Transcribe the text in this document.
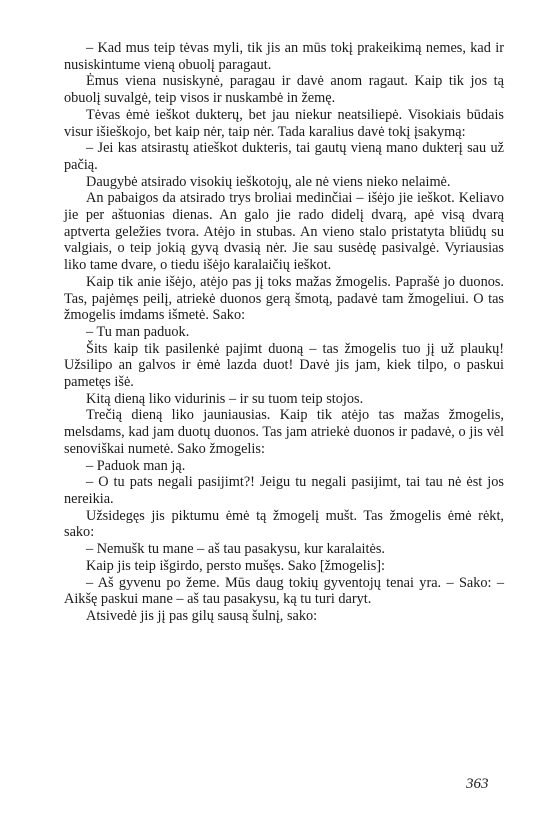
– Kad mus teip tėvas myli, tik jis an mūs tokį prakeikimą nemes, kad ir nusiskintume vieną obuolį paragaut.

Ėmus viena nusiskynė, paragau ir davė anom ragaut. Kaip tik jos tą obuolį suvalgė, teip visos ir nuskambė in žemę.

Tėvas ėmė ieškot dukterų, bet jau niekur neatsiliepė. Visokiais būdais visur išieškojo, bet kaip nėr, taip nėr. Tada karalius davė tokį įsakymą:

– Jei kas atsirastų atieškot dukteris, tai gautų vieną mano dukterį sau už pačią.

Daugybė atsirado visokių ieškotojų, ale nė viens nieko nelaimė.

An pabaigos da atsirado trys broliai medinčiai – išėjo jie ieškot. Keliavo jie per aštuonias dienas. An galo jie rado didelį dvarą, apė visą dvarą aptverta geležies tvora. Atėjo in stubas. An vieno stalo pristatyta bliūdų su valgiais, o teip jokią gyvą dvasią nėr. Jie sau susėdę pasivalgė. Vyriausias liko tame dvare, o tiedu išėjo karalaičių ieškot.

Kaip tik anie išėjo, atėjo pas jį toks mažas žmogelis. Paprašė jo duonos. Tas, pajėmęs peilį, atriekė duonos gerą šmotą, padavė tam žmogeliui. O tas žmogelis imdams išmetė. Sako:

– Tu man paduok.

Šits kaip tik pasilenkė pajimt duoną – tas žmogelis tuo jį už plaukų! Užsilipo an galvos ir ėmė lazda duot! Davė jis jam, kiek tilpo, o paskui pametęs išė.

Kitą dieną liko vidurinis – ir su tuom teip stojos.

Trečią dieną liko jauniausias. Kaip tik atėjo tas mažas žmogelis, melsdams, kad jam duotų duonos. Tas jam atriekė duonos ir padavė, o jis vėl senoviškai numetė. Sako žmogelis:

– Paduok man ją.

– O tu pats negali pasijimt?! Jeigu tu negali pasijimt, tai tau nė ėst jos nereikia.

Užsidegęs jis piktumu ėmė tą žmogelį mušt. Tas žmogelis ėmė rėkt, sako:

– Nemušk tu mane – aš tau pasakysu, kur karalaitės.

Kaip jis teip išgirdo, persto mušęs. Sako [žmogelis]:

– Aš gyvenu po žeme. Mūs daug tokių gyventojų tenai yra. – Sako: – Aikšę paskui mane – aš tau pasakysu, ką tu turi daryt.

Atsivedė jis jį pas gilų sausą šulnį, sako:

363
